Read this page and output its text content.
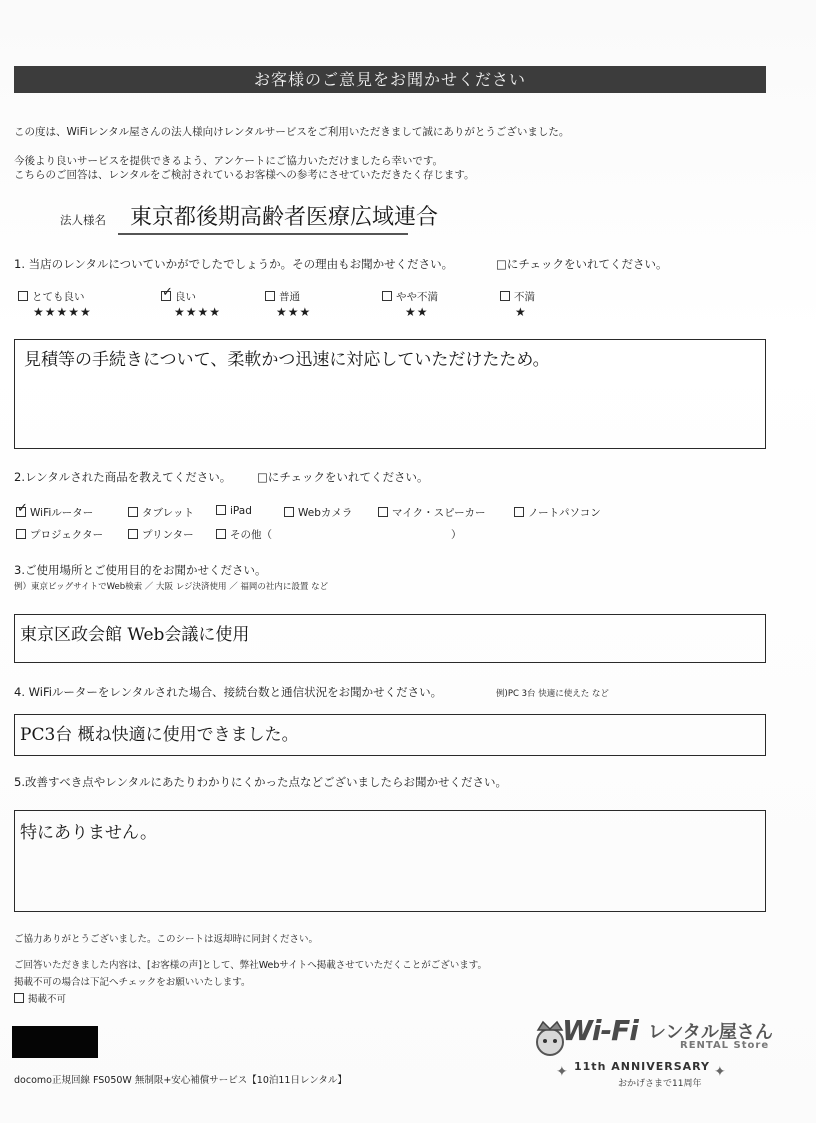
お客様のご意見をお聞かせください
この度は、WiFiレンタル屋さんの法人様向けレンタルサービスをご利用いただきまして誠にありがとうございました。
今後より良いサービスを提供できるよう、アンケートにご協力いただけましたら幸いです。
こちらのご回答は、レンタルをご検討されているお客様への参考にさせていただきたく存じます。
法人様名 東京都後期高齢者医療広域連合
1. 当店のレンタルについていかがでしたでしょうか。その理由もお聞かせください。	□にチェックをいれてください。
とても良い
★★★★★
✓ 良い
★★★★
普通
★★★
やや不満
★★
不満
★
見積等の手続きについて、柔軟かつ迅速に対応していただけたため。
2.レンタルされた商品を教えてください。 □にチェックをいれてください。
✓ WiFiルーター	タブレット	iPad	Webカメラ	マイク・スピーカー	ノートパソコン
プロジェクター	プリンター	その他（	）
3.ご使用場所とご使用目的をお聞かせください。
例）東京ビッグサイトでWeb検索 ／ 大阪 レジ決済使用 ／ 福岡の社内に設置 など
東京区政会館 Web会議に使用
4. WiFiルーターをレンタルされた場合、接続台数と通信状況をお聞かせください。	例)PC 3台 快適に使えた など
PC3台 概ね快適に使用できました。
5.改善すべき点やレンタルにあたりわかりにくかった点などございましたらお聞かせください。
特にありません。
ご協力ありがとうございました。このシートは返却時に同封ください。
ご回答いただきました内容は、[お客様の声]として、弊社Webサイトへ掲載させていただくことがございます。
掲載不可の場合は下記へチェックをお願いいたします。
掲載不可
docomo正規回線 FS050W 無制限+安心補償サービス【10泊11日レンタル】
Wi-Fi レンタル屋さん
RENTAL Store
11th ANNIVERSARY
おかげさまで11周年
✦	✦
